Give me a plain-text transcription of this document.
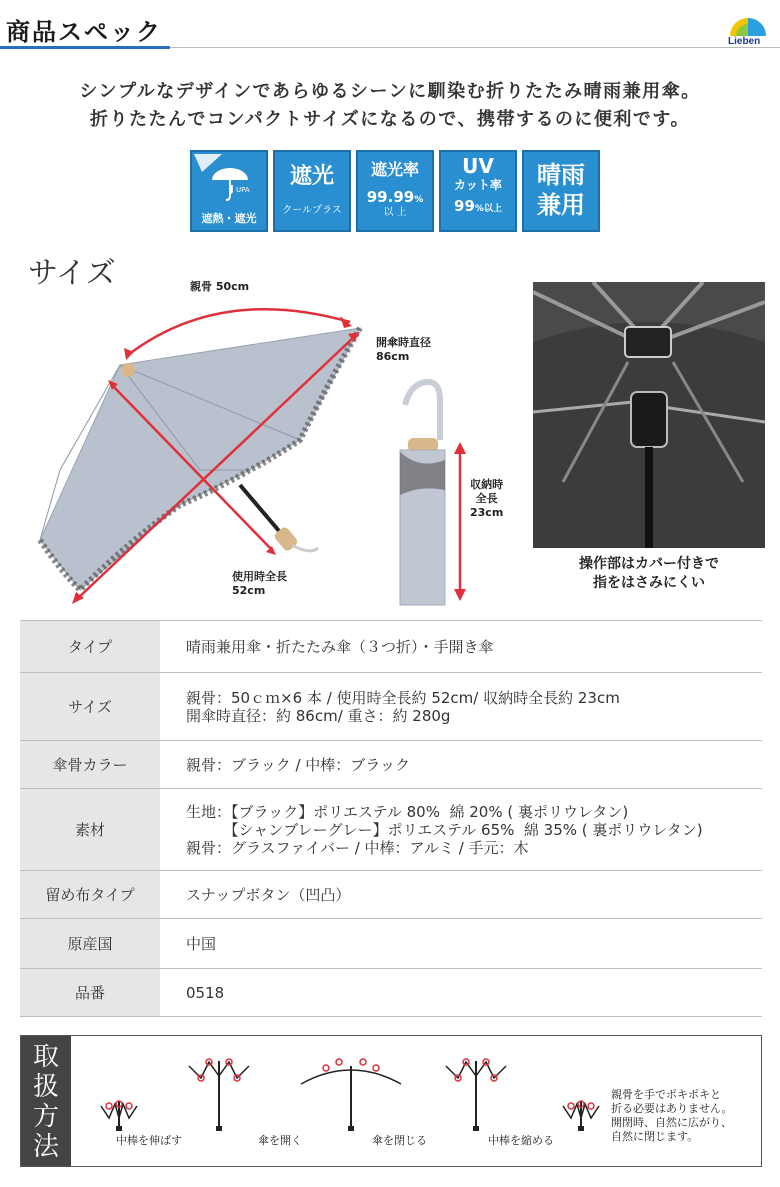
商品スペック	Lieben
シンプルなデザインであらゆるシーンに馴染む折りたたみ晴雨兼用傘。
折りたたんでコンパクトサイズになるので、携帯するのに便利です。
J UPA
遮熱・遮光
遮光
クールプラス
遮光率
99.99%
以 上
UV
カット率
99%以上
晴雨
兼用
サイズ	親骨 50cm
開傘時直径
86cm
収納時
全長
23cm
使用時全長
52cm
操作部はカバー付きで
指をはさみにくい
タイプ	晴雨兼用傘・折たたみ傘（３つ折）・手開き傘

サイズ	親骨：50ｃｍ×6 本 / 使用時全長約 52cm/ 収納時全長約 23cm
開傘時直径：約 86cm/ 重さ：約 280g

傘骨カラー	親骨：ブラック / 中棒：ブラック

素材	生地：【ブラック】ポリエステル 80%  綿 20% ( 裏ポリウレタン)
　　　【シャンブレーグレー】ポリエステル 65%  綿 35% ( 裏ポリウレタン)
親骨：グラスファイバー / 中棒：アルミ / 手元：木

留め布タイプ	スナップボタン（凹凸）

原産国	中国

品番	0518
取
扱
方
法
親骨を手でポキポキと
折る必要はありません。
開閉時、自然に広がり、
自然に閉じます。
中棒を伸ばす	傘を開く	傘を閉じる	中棒を縮める
